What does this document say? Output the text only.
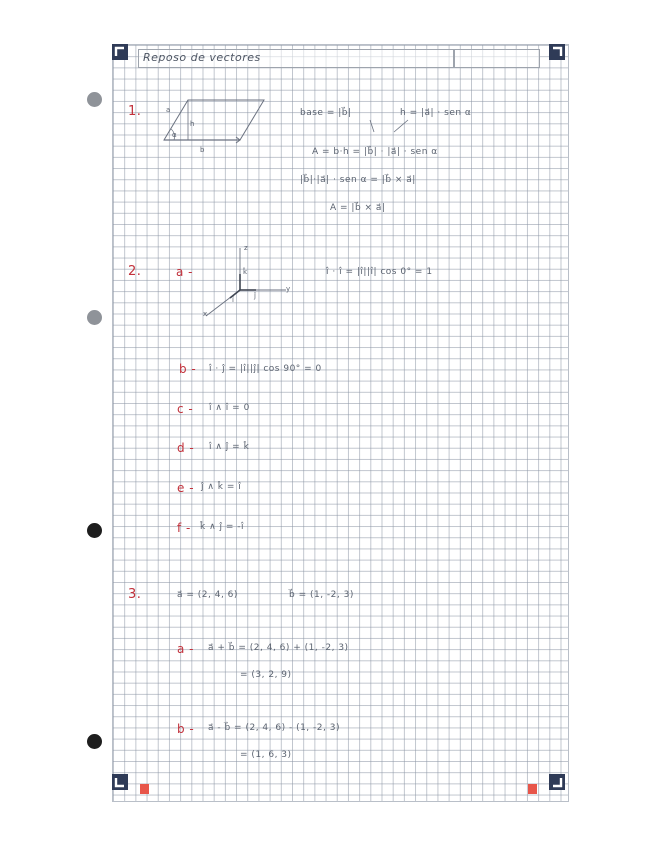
Reposo de vectores
1.	a
h
α
b
base = |b⃗|	h = |a⃗| · sen α
A = b·h = |b⃗| · |a⃗| · sen α
|b⃗|·|a⃗| · sen α = |b⃗ × a⃗|
A = |b⃗ × a⃗|
2.	a -
z
y
x
k̂
ĵ
î
î · î = |î||î| cos 0° = 1
b - î · ĵ = |î||ĵ| cos 90° = 0
c - î ∧ î = 0
d - î ∧ ĵ = k̂
e - ĵ ∧ k̂ = î
f - k̂ ∧ ĵ = -î
3.	a⃗ = (2, 4, 6)	b⃗ = (1, -2, 3)
a - a⃗ + b⃗ = (2, 4, 6) + (1, -2, 3)
= (3, 2, 9)
b - a⃗ - b⃗ = (2, 4, 6) - (1, -2, 3)
= (1, 6, 3)
